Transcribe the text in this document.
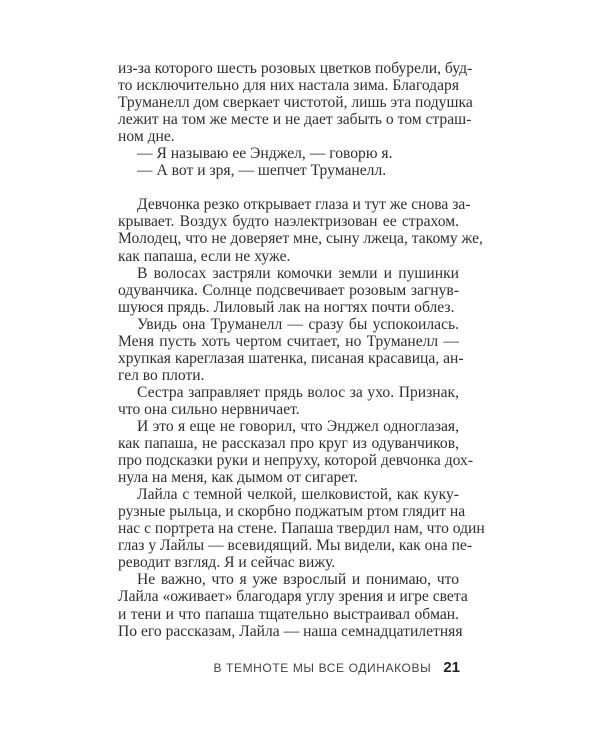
из-за которого шесть розовых цветков побурели, буд-
то исключительно для них настала зима. Благодаря
Труманелл дом сверкает чистотой, лишь эта подушка
лежит на том же месте и не дает забыть о том страш-
ном дне.
— Я называю ее Энджел, — говорю я.
— А вот и зря, — шепчет Труманелл.
Девчонка резко открывает глаза и тут же снова за-
крывает. Воздух будто наэлектризован ее страхом.
Молодец, что не доверяет мне, сыну лжеца, такому же,
как папаша, если не хуже.
В волосах застряли комочки земли и пушинки
одуванчика. Солнце подсвечивает розовым загнув-
шуюся прядь. Лиловый лак на ногтях почти облез.
Увидь она Труманелл — сразу бы успокоилась.
Меня пусть хоть чертом считает, но Труманелл —
хрупкая кареглазая шатенка, писаная красавица, ан-
гел во плоти.
Сестра заправляет прядь волос за ухо. Признак,
что она сильно нервничает.
И это я еще не говорил, что Энджел одноглазая,
как папаша, не рассказал про круг из одуванчиков,
про подсказки руки и непруху, которой девчонка дох-
нула на меня, как дымом от сигарет.
Лайла с темной челкой, шелковистой, как куку-
рузные рыльца, и скорбно поджатым ртом глядит на
нас с портрета на стене. Папаша твердил нам, что один
глаз у Лайлы — всевидящий. Мы видели, как она пе-
реводит взгляд. Я и сейчас вижу.
Не важно, что я уже взрослый и понимаю, что
Лайла «оживает» благодаря углу зрения и игре света
и тени и что папаша тщательно выстраивал обман.
По его рассказам, Лайла — наша семнадцатилетняя
В ТЕМНОТЕ МЫ ВСЕ ОДИНАКОВЫ 21
